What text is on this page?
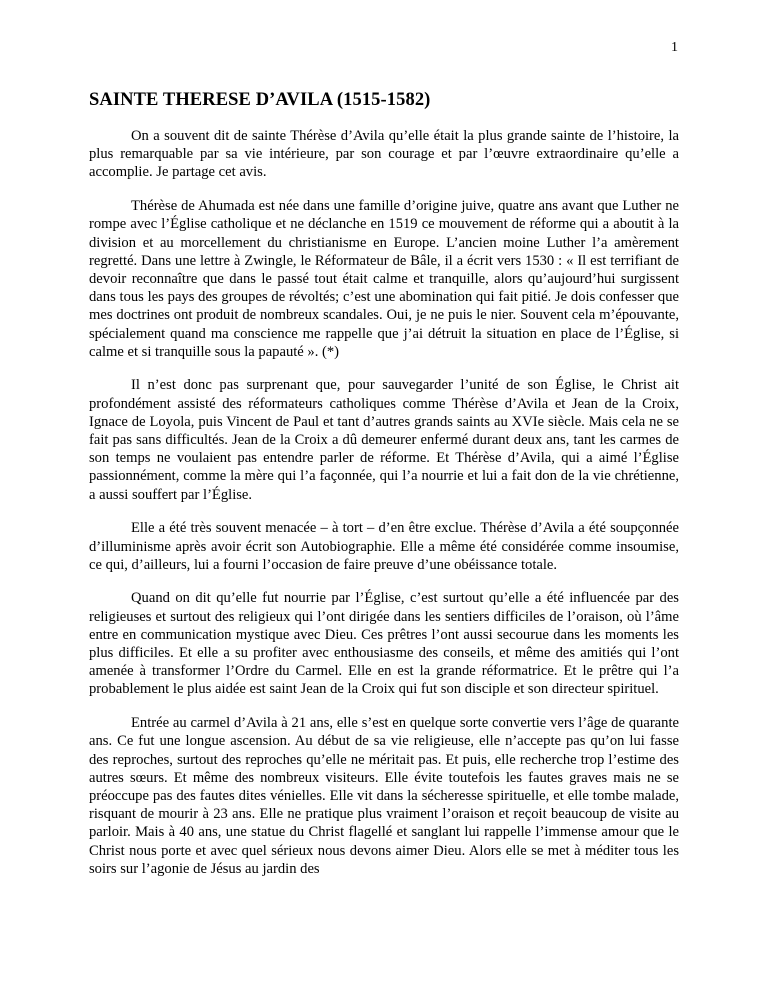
1
SAINTE THERESE D’AVILA (1515-1582)

On a souvent dit de sainte Thérèse d’Avila qu’elle était la plus grande sainte de l’histoire, la plus remarquable par sa vie intérieure, par son courage et par l’œuvre extraordinaire qu’elle a accomplie. Je partage cet avis.

Thérèse de Ahumada est née dans une famille d’origine juive, quatre ans avant que Luther ne rompe avec l’Église catholique et ne déclanche en 1519 ce mouvement de réforme qui a aboutit à la division et au morcellement du christianisme en Europe. L’ancien moine Luther l’a amèrement regretté. Dans une lettre à Zwingle, le Réformateur de Bâle, il a écrit vers 1530 : « Il est terrifiant de devoir reconnaître que dans le passé tout était calme et tranquille, alors qu’aujourd’hui surgissent dans tous les pays des groupes de révoltés; c’est une abomination qui fait pitié. Je dois confesser que mes doctrines ont produit de nombreux scandales. Oui, je ne puis le nier. Souvent cela m’épouvante, spécialement quand ma conscience me rappelle que j’ai détruit la situation en place de l’Église, si calme et si tranquille sous la papauté ». (*)

Il n’est donc pas surprenant que, pour sauvegarder l’unité de son Église, le Christ ait profondément assisté des réformateurs catholiques comme Thérèse d’Avila et Jean de la Croix, Ignace de Loyola, puis Vincent de Paul et tant d’autres grands saints au XVIe siècle. Mais cela ne se fait pas sans difficultés. Jean de la Croix a dû demeurer enfermé durant deux ans, tant les carmes de son temps ne voulaient pas entendre parler de réforme. Et Thérèse d’Avila, qui a aimé l’Église passionnément, comme la mère qui l’a façonnée, qui l’a nourrie et lui a fait don de la vie chrétienne, a aussi souffert par l’Église.

Elle a été très souvent menacée – à tort – d’en être exclue. Thérèse d’Avila a été soupçonnée d’illuminisme après avoir écrit son Autobiographie. Elle a même été considérée comme insoumise, ce qui, d’ailleurs, lui a fourni l’occasion de faire preuve d’une obéissance totale.

Quand on dit qu’elle fut nourrie par l’Église, c’est surtout qu’elle a été influencée par des religieuses et surtout des religieux qui l’ont dirigée dans les sentiers difficiles de l’oraison, où l’âme entre en communication mystique avec Dieu. Ces prêtres l’ont aussi secourue dans les moments les plus difficiles. Et elle a su profiter avec enthousiasme des conseils, et même des amitiés qui l’ont amenée à transformer l’Ordre du Carmel. Elle en est la grande réformatrice. Et le prêtre qui l’a probablement le plus aidée est saint Jean de la Croix qui fut son disciple et son directeur spirituel.

Entrée au carmel d’Avila à 21 ans, elle s’est en quelque sorte convertie vers l’âge de quarante ans. Ce fut une longue ascension. Au début de sa vie religieuse, elle n’accepte pas qu’on lui fasse des reproches, surtout des reproches qu’elle ne méritait pas. Et puis, elle recherche trop l’estime des autres sœurs. Et même des nombreux visiteurs. Elle évite toutefois les fautes graves mais ne se préoccupe pas des fautes dites vénielles. Elle vit dans la sécheresse spirituelle, et elle tombe malade, risquant de mourir à 23 ans. Elle ne pratique plus vraiment l’oraison et reçoit beaucoup de visite au parloir. Mais à 40 ans, une statue du Christ flagellé et sanglant lui rappelle l’immense amour que le Christ nous porte et avec quel sérieux nous devons aimer Dieu. Alors elle se met à méditer tous les soirs sur l’agonie de Jésus au jardin des
